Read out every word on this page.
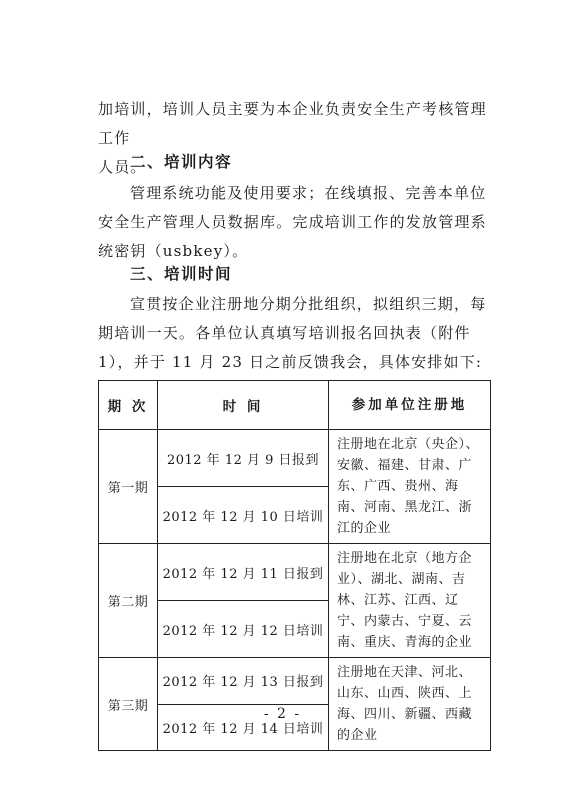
加培训，培训人员主要为本企业负责安全生产考核管理工作
人员。

二、培训内容

管理系统功能及使用要求；在线填报、完善本单位安全生产管理人员数据库。完成培训工作的发放管理系统密钥（usbkey）。

三、培训时间

宣贯按企业注册地分期分批组织，拟组织三期，每期培训一天。各单位认真填写培训报名回执表（附件 1），并于 11 月 23 日之前反馈我会，具体安排如下:

期 次	时 间	参加单位注册地
第一期	2012 年 12 月 9 日报到	注册地在北京（央企）、安徽、福建、甘肃、广东、广西、贵州、海南、河南、黑龙江、浙江的企业
	2012 年 12 月 10 日培训	
第二期	2012 年 12 月 11 日报到	注册地在北京（地方企业）、湖北、湖南、吉林、江苏、江西、辽宁、内蒙古、宁夏、云南、重庆、青海的企业
	2012 年 12 月 12 日培训	
第三期	2012 年 12 月 13 日报到	注册地在天津、河北、山东、山西、陕西、上海、四川、新疆、西藏的企业
	2012 年 12 月 14 日培训	
- 2 -
